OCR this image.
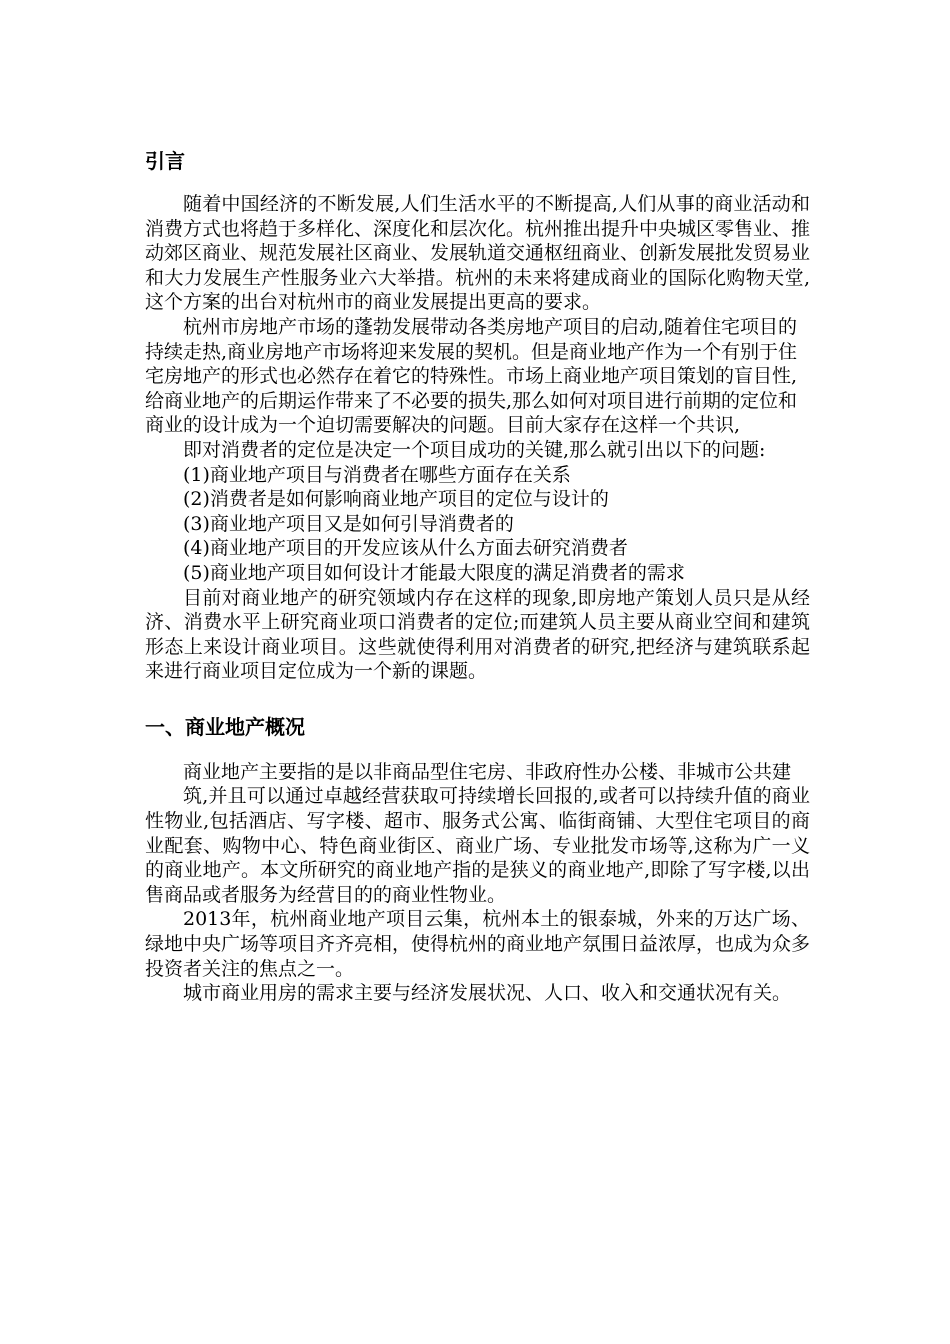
引言

随着中国经济的不断发展,人们生活水平的不断提高,人们从事的商业活动和消费方式也将趋于多样化、深度化和层次化。杭州推出提升中央城区零售业、推动郊区商业、规范发展社区商业、发展轨道交通枢纽商业、创新发展批发贸易业和大力发展生产性服务业六大举措。杭州的未来将建成商业的国际化购物天堂,这个方案的出台对杭州市的商业发展提出更高的要求。

杭州市房地产市场的蓬勃发展带动各类房地产项目的启动,随着住宅项目的

持续走热,商业房地产市场将迎来发展的契机。但是商业地产作为一个有别于住宅房地产的形式也必然存在着它的特殊性。市场上商业地产项目策划的盲目性,给商业地产的后期运作带来了不必要的损失,那么如何对项目进行前期的定位和商业的设计成为一个迫切需要解决的问题。目前大家存在这样一个共识,

即对消费者的定位是决定一个项目成功的关键,那么就引出以下的问题:

(1)商业地产项目与消费者在哪些方面存在关系

(2)消费者是如何影响商业地产项目的定位与设计的

(3)商业地产项目又是如何引导消费者的

(4)商业地产项目的开发应该从什么方面去研究消费者

(5)商业地产项目如何设计才能最大限度的满足消费者的需求

目前对商业地产的研究领域内存在这样的现象,即房地产策划人员只是从经济、消费水平上研究商业项口消费者的定位;而建筑人员主要从商业空间和建筑形态上来设计商业项目。这些就使得利用对消费者的研究,把经济与建筑联系起来进行商业项目定位成为一个新的课题。

一、商业地产概况

商业地产主要指的是以非商品型住宅房、非政府性办公楼、非城市公共建

筑,并且可以通过卓越经营获取可持续增长回报的,或者可以持续升值的商业性物业,包括酒店、写字楼、超市、服务式公寓、临街商铺、大型住宅项目的商业配套、购物中心、特色商业街区、商业广场、专业批发市场等,这称为广一义的商业地产。本文所研究的商业地产指的是狭义的商业地产,即除了写字楼,以出售商品或者服务为经营目的的商业性物业。

2013年，杭州商业地产项目云集，杭州本土的银泰城，外来的万达广场、绿地中央广场等项目齐齐亮相，使得杭州的商业地产氛围日益浓厚，也成为众多投资者关注的焦点之一。

城市商业用房的需求主要与经济发展状况、人口、收入和交通状况有关。
